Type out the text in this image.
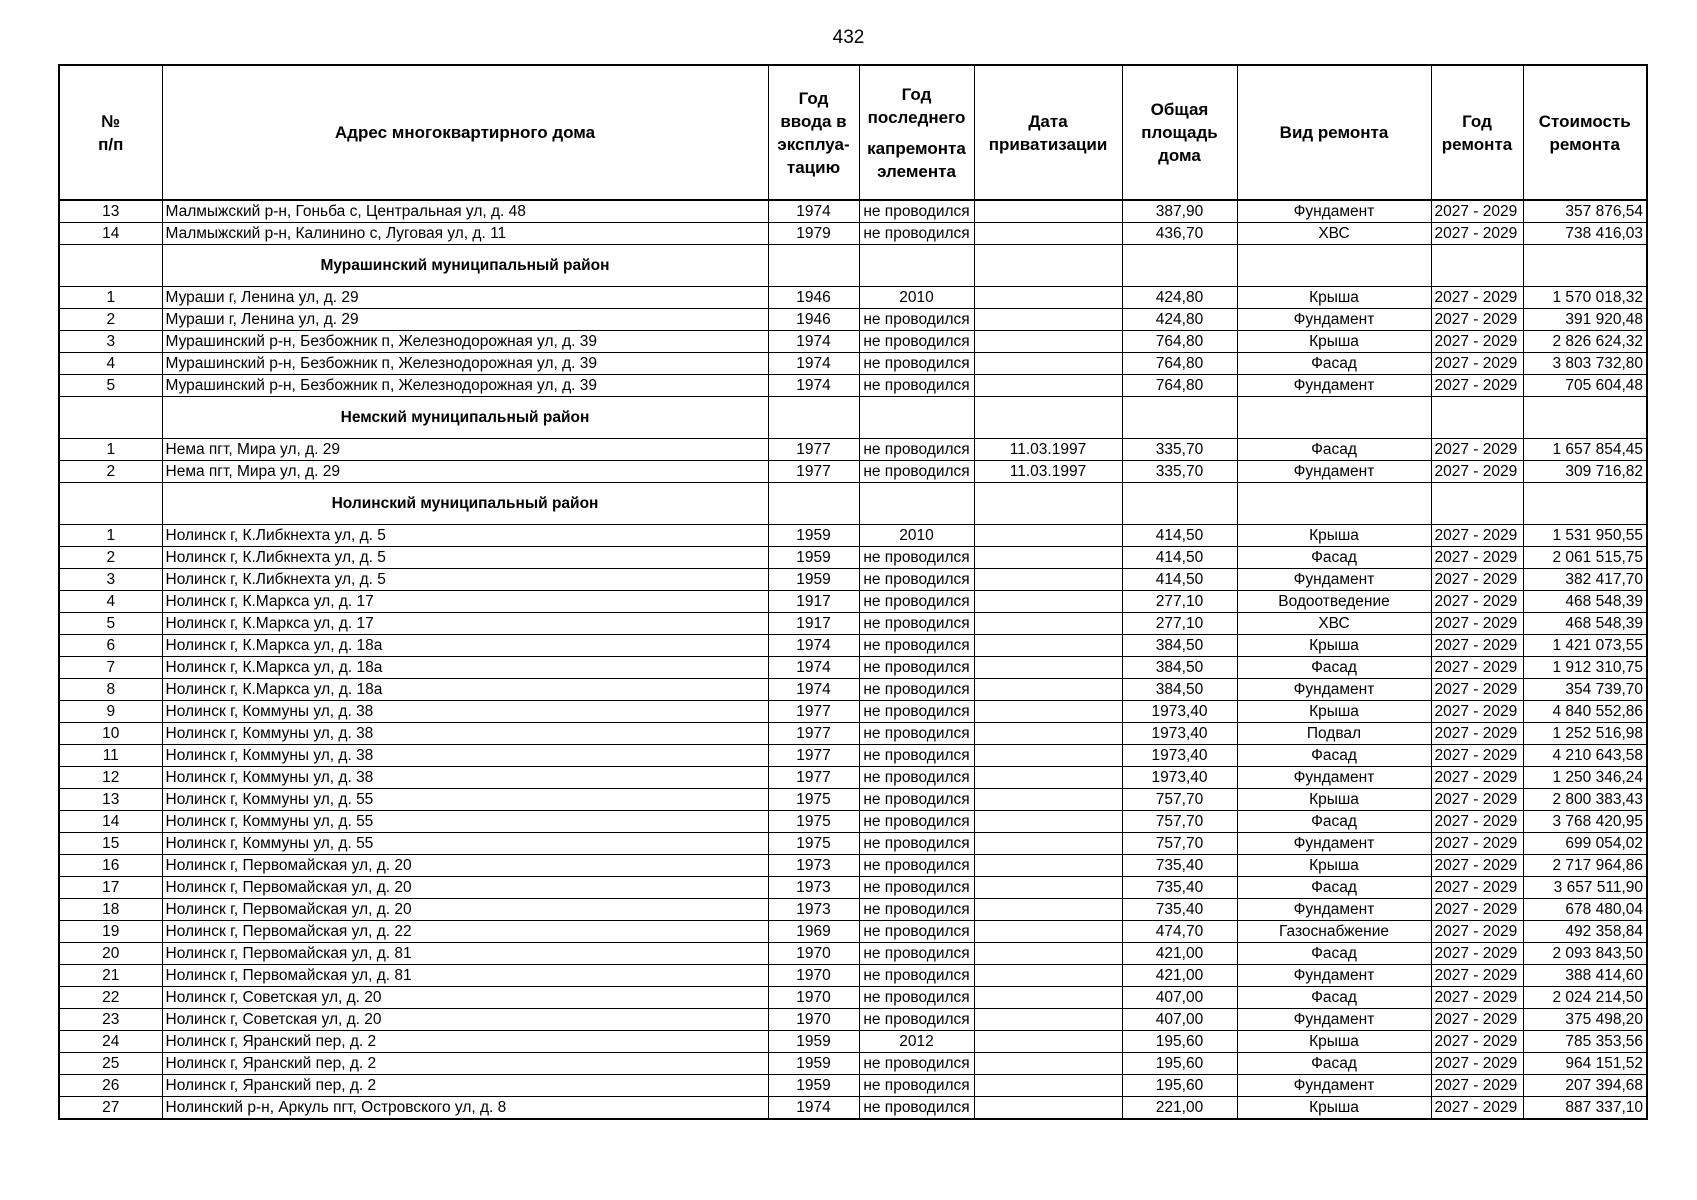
432
№
п/п	Адрес многоквартирного дома	Год
ввода в
эксплуа-
тацию	Год
последнего
капремонта
элемента	Дата
приватизации	Общая
площадь
дома	Вид ремонта	Год
ремонта	Стоимость
ремонта
13	Малмыжский р-н, Гоньба с, Центральная ул, д. 48	1974	не проводился		387,90	Фундамент	2027 - 2029	357 876,54
14	Малмыжский р-н, Калинино с, Луговая ул, д. 11	1979	не проводился		436,70	ХВС	2027 - 2029	738 416,03
	Мурашинский муниципальный район							
1	Мураши г, Ленина ул, д. 29	1946	2010		424,80	Крыша	2027 - 2029	1 570 018,32
2	Мураши г, Ленина ул, д. 29	1946	не проводился		424,80	Фундамент	2027 - 2029	391 920,48
3	Мурашинский р-н, Безбожник п, Железнодорожная ул, д. 39	1974	не проводился		764,80	Крыша	2027 - 2029	2 826 624,32
4	Мурашинский р-н, Безбожник п, Железнодорожная ул, д. 39	1974	не проводился		764,80	Фасад	2027 - 2029	3 803 732,80
5	Мурашинский р-н, Безбожник п, Железнодорожная ул, д. 39	1974	не проводился		764,80	Фундамент	2027 - 2029	705 604,48
	Немский муниципальный район							
1	Нема пгт, Мира ул, д. 29	1977	не проводился	11.03.1997	335,70	Фасад	2027 - 2029	1 657 854,45
2	Нема пгт, Мира ул, д. 29	1977	не проводился	11.03.1997	335,70	Фундамент	2027 - 2029	309 716,82
	Нолинский муниципальный район							
1	Нолинск г, К.Либкнехта ул, д. 5	1959	2010		414,50	Крыша	2027 - 2029	1 531 950,55
2	Нолинск г, К.Либкнехта ул, д. 5	1959	не проводился		414,50	Фасад	2027 - 2029	2 061 515,75
3	Нолинск г, К.Либкнехта ул, д. 5	1959	не проводился		414,50	Фундамент	2027 - 2029	382 417,70
4	Нолинск г, К.Маркса ул, д. 17	1917	не проводился		277,10	Водоотведение	2027 - 2029	468 548,39
5	Нолинск г, К.Маркса ул, д. 17	1917	не проводился		277,10	ХВС	2027 - 2029	468 548,39
6	Нолинск г, К.Маркса ул, д. 18а	1974	не проводился		384,50	Крыша	2027 - 2029	1 421 073,55
7	Нолинск г, К.Маркса ул, д. 18а	1974	не проводился		384,50	Фасад	2027 - 2029	1 912 310,75
8	Нолинск г, К.Маркса ул, д. 18а	1974	не проводился		384,50	Фундамент	2027 - 2029	354 739,70
9	Нолинск г, Коммуны ул, д. 38	1977	не проводился		1973,40	Крыша	2027 - 2029	4 840 552,86
10	Нолинск г, Коммуны ул, д. 38	1977	не проводился		1973,40	Подвал	2027 - 2029	1 252 516,98
11	Нолинск г, Коммуны ул, д. 38	1977	не проводился		1973,40	Фасад	2027 - 2029	4 210 643,58
12	Нолинск г, Коммуны ул, д. 38	1977	не проводился		1973,40	Фундамент	2027 - 2029	1 250 346,24
13	Нолинск г, Коммуны ул, д. 55	1975	не проводился		757,70	Крыша	2027 - 2029	2 800 383,43
14	Нолинск г, Коммуны ул, д. 55	1975	не проводился		757,70	Фасад	2027 - 2029	3 768 420,95
15	Нолинск г, Коммуны ул, д. 55	1975	не проводился		757,70	Фундамент	2027 - 2029	699 054,02
16	Нолинск г, Первомайская ул, д. 20	1973	не проводился		735,40	Крыша	2027 - 2029	2 717 964,86
17	Нолинск г, Первомайская ул, д. 20	1973	не проводился		735,40	Фасад	2027 - 2029	3 657 511,90
18	Нолинск г, Первомайская ул, д. 20	1973	не проводился		735,40	Фундамент	2027 - 2029	678 480,04
19	Нолинск г, Первомайская ул, д. 22	1969	не проводился		474,70	Газоснабжение	2027 - 2029	492 358,84
20	Нолинск г, Первомайская ул, д. 81	1970	не проводился		421,00	Фасад	2027 - 2029	2 093 843,50
21	Нолинск г, Первомайская ул, д. 81	1970	не проводился		421,00	Фундамент	2027 - 2029	388 414,60
22	Нолинск г, Советская ул, д. 20	1970	не проводился		407,00	Фасад	2027 - 2029	2 024 214,50
23	Нолинск г, Советская ул, д. 20	1970	не проводился		407,00	Фундамент	2027 - 2029	375 498,20
24	Нолинск г, Яранский пер, д. 2	1959	2012		195,60	Крыша	2027 - 2029	785 353,56
25	Нолинск г, Яранский пер, д. 2	1959	не проводился		195,60	Фасад	2027 - 2029	964 151,52
26	Нолинск г, Яранский пер, д. 2	1959	не проводился		195,60	Фундамент	2027 - 2029	207 394,68
27	Нолинский р-н, Аркуль пгт, Островского ул, д. 8	1974	не проводился		221,00	Крыша	2027 - 2029	887 337,10
